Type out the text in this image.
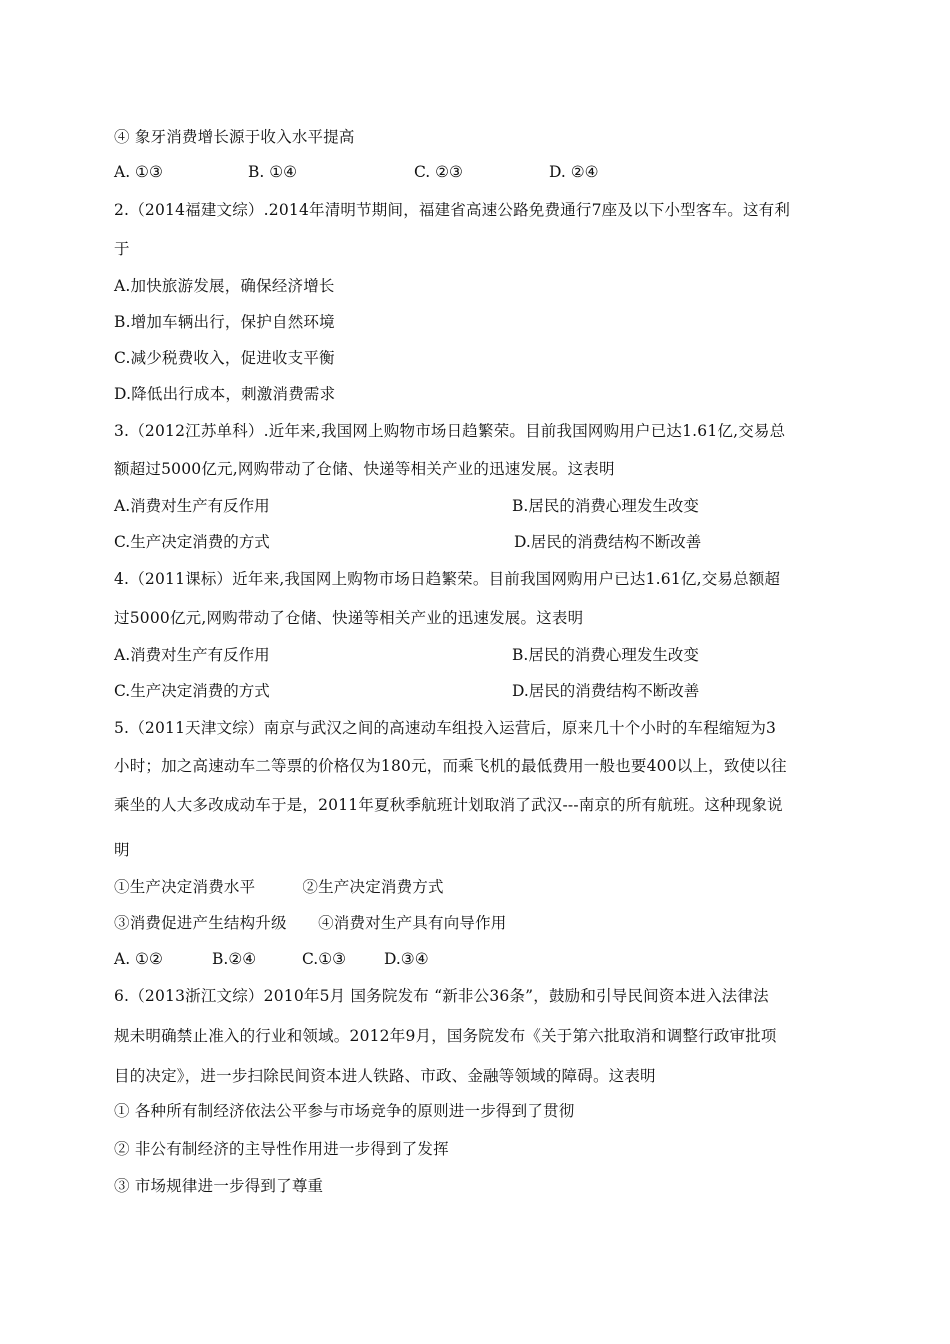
④ 象牙消费增长源于收入水平提高
A. ①③	B. ①④	C. ②③	D. ②④
2.（2014福建文综）.2014年清明节期间，福建省高速公路免费通行7座及以下小型客车。这有利
于
A.加快旅游发展，确保经济增长
B.增加车辆出行，保护自然环境
C.减少税费收入，促进收支平衡
D.降低出行成本，刺激消费需求
3.（2012江苏单科）.近年来,我国网上购物市场日趋繁荣。目前我国网购用户已达1.61亿,交易总
额超过5000亿元,网购带动了仓储、快递等相关产业的迅速发展。这表明
A.消费对生产有反作用	B.居民的消费心理发生改变
C.生产决定消费的方式	D.居民的消费结构不断改善
4.（2011课标）近年来,我国网上购物市场日趋繁荣。目前我国网购用户已达1.61亿,交易总额超
过5000亿元,网购带动了仓储、快递等相关产业的迅速发展。这表明
A.消费对生产有反作用	B.居民的消费心理发生改变
C.生产决定消费的方式	D.居民的消费结构不断改善
5.（2011天津文综）南京与武汉之间的高速动车组投入运营后，原来几十个小时的车程缩短为3
小时；加之高速动车二等票的价格仅为180元，而乘飞机的最低费用一般也要400以上，致使以往
乘坐的人大多改成动车于是，2011年夏秋季航班计划取消了武汉---南京的所有航班。这种现象说
明
①生产决定消费水平　　　②生产决定消费方式
③消费促进产生结构升级　　④消费对生产具有向导作用
A. ①②	B.②④	C.①③ D.③④
6.（2013浙江文综）2010年5月 国务院发布 “新非公36条”，鼓励和引导民间资本进入法律法
规未明确禁止准入的行业和领域。2012年9月，国务院发布《关于第六批取消和调整行政审批项
目的决定》，进一步扫除民间资本进人铁路、市政、金融等领域的障碍。这表明
① 各种所有制经济依法公平参与市场竞争的原则进一步得到了贯彻
② 非公有制经济的主导性作用进一步得到了发挥
③ 市场规律进一步得到了尊重
